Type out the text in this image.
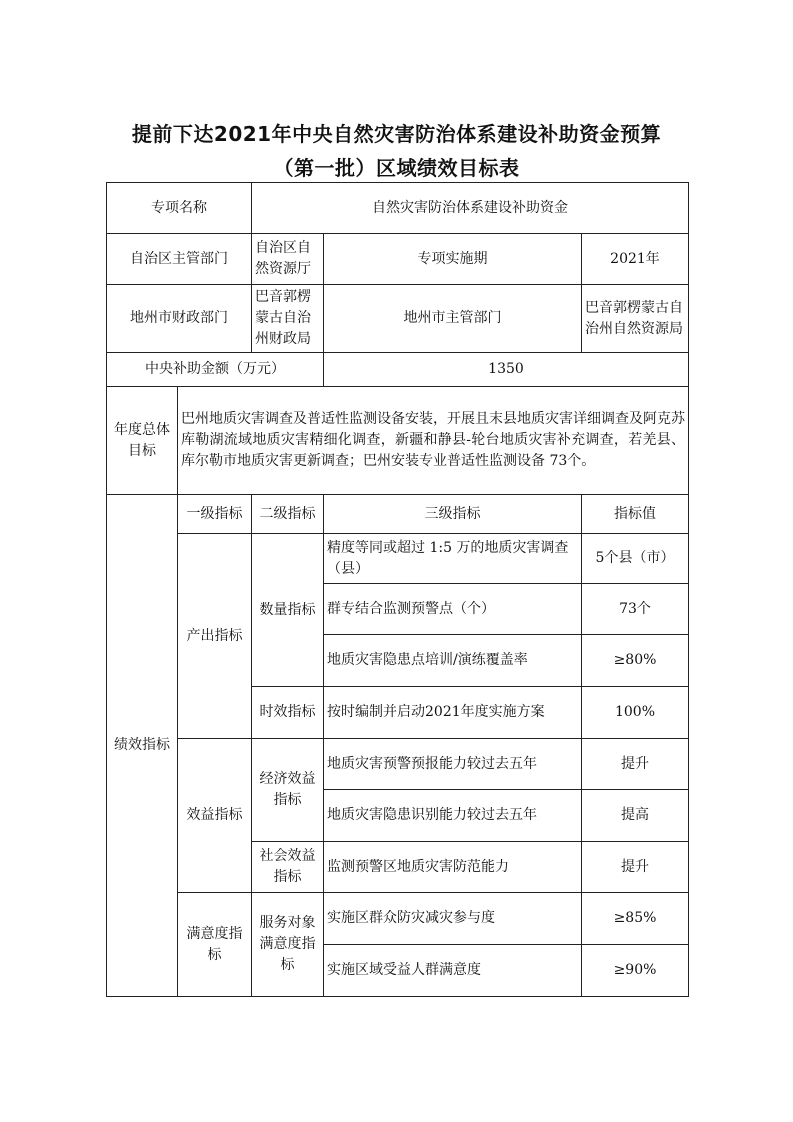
提前下达2021年中央自然灾害防治体系建设补助资金预算
（第一批）区域绩效目标表
专项名称		自然灾害防治体系建设补助资金		
自治区主管部门		自治区自然资源厅	专项实施期	2021年
地州市财政部门		巴音郭楞蒙古自治州财政局	地州市主管部门	巴音郭楞蒙古自治州自然资源局
中央补助金额（万元）			1350	
年度总体目标	巴州地质灾害调查及普适性监测设备安装，开展且末县地质灾害详细调查及阿克苏库勒湖流域地质灾害精细化调查，新疆和静县-轮台地质灾害补充调查，若羌县、库尔勒市地质灾害更新调查；巴州安装专业普适性监测设备 73个。			
绩效指标	一级指标	二级指标	三级指标	指标值
	产出指标	数量指标	精度等同或超过 1:5 万的地质灾害调查（县）	5个县（市）
			群专结合监测预警点（个）	73个
			地质灾害隐患点培训/演练覆盖率	≥80%
		时效指标	按时编制并启动2021年度实施方案	100%
	效益指标	经济效益指标	地质灾害预警预报能力较过去五年	提升
			地质灾害隐患识别能力较过去五年	提高
		社会效益指标	监测预警区地质灾害防范能力	提升
	满意度指标	服务对象满意度指标	实施区群众防灾减灾参与度	≥85%
			实施区域受益人群满意度	≥90%
